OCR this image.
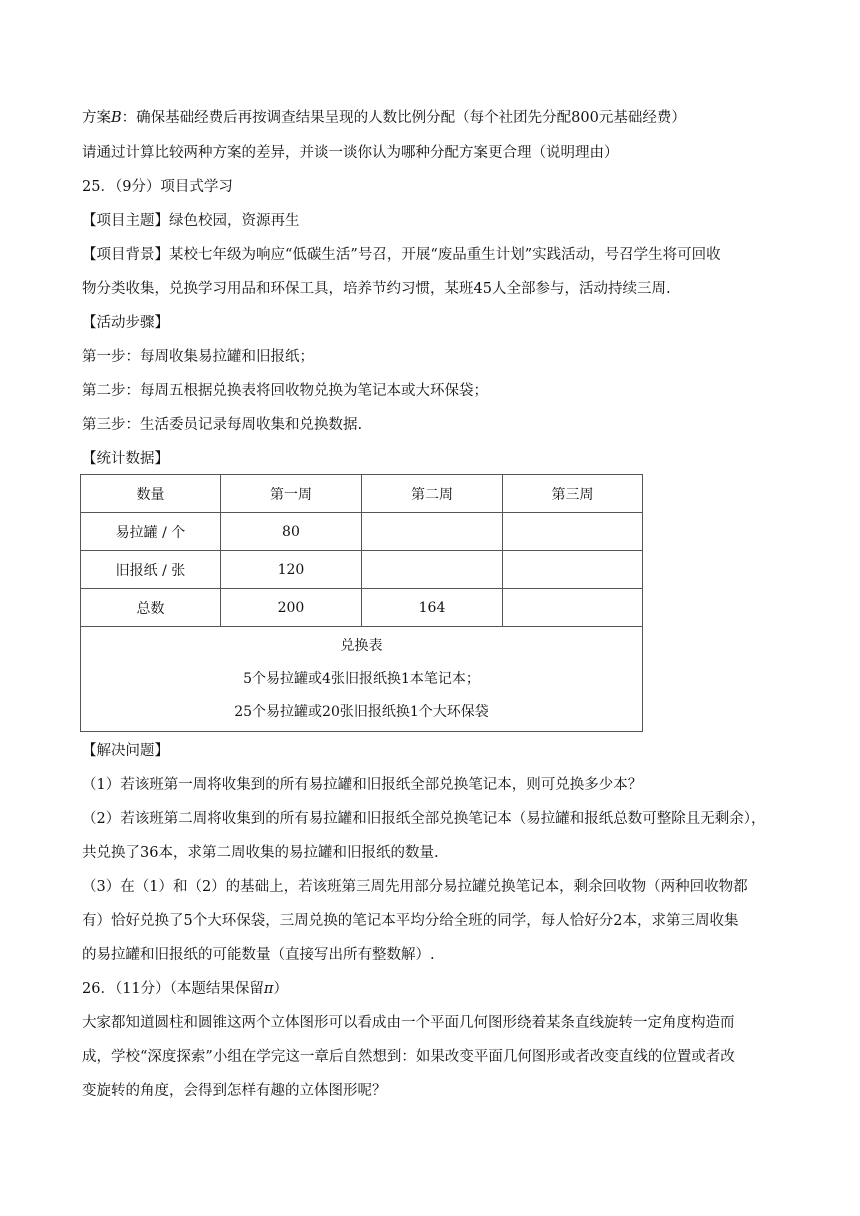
方案B：确保基础经费后再按调查结果呈现的人数比例分配（每个社团先分配800元基础经费）
请通过计算比较两种方案的差异，并谈一谈你认为哪种分配方案更合理（说明理由）
25．（9分）项目式学习
【项目主题】绿色校园，资源再生
【项目背景】某校七年级为响应“低碳生活”号召，开展“废品重生计划”实践活动，号召学生将可回收
物分类收集，兑换学习用品和环保工具，培养节约习惯，某班45人全部参与，活动持续三周.
【活动步骤】
第一步：每周收集易拉罐和旧报纸；
第二步：每周五根据兑换表将回收物兑换为笔记本或大环保袋；
第三步：生活委员记录每周收集和兑换数据.
【统计数据】
数量	第一周	第二周	第三周
易拉罐 / 个	80		
旧报纸 / 张	120		
总数	200	164	

兑换表
5个易拉罐或4张旧报纸换1本笔记本；
25个易拉罐或20张旧报纸换1个大环保袋			
【解决问题】
（1）若该班第一周将收集到的所有易拉罐和旧报纸全部兑换笔记本，则可兑换多少本？
（2）若该班第二周将收集到的所有易拉罐和旧报纸全部兑换笔记本（易拉罐和报纸总数可整除且无剩余），
共兑换了36本，求第二周收集的易拉罐和旧报纸的数量.
（3）在（1）和（2）的基础上，若该班第三周先用部分易拉罐兑换笔记本，剩余回收物（两种回收物都
有）恰好兑换了5个大环保袋，三周兑换的笔记本平均分给全班的同学，每人恰好分2本，求第三周收集
的易拉罐和旧报纸的可能数量（直接写出所有整数解）.
26．（11分）（本题结果保留π）
大家都知道圆柱和圆锥这两个立体图形可以看成由一个平面几何图形绕着某条直线旋转一定角度构造而
成，学校“深度探索”小组在学完这一章后自然想到：如果改变平面几何图形或者改变直线的位置或者改
变旋转的角度，会得到怎样有趣的立体图形呢？
